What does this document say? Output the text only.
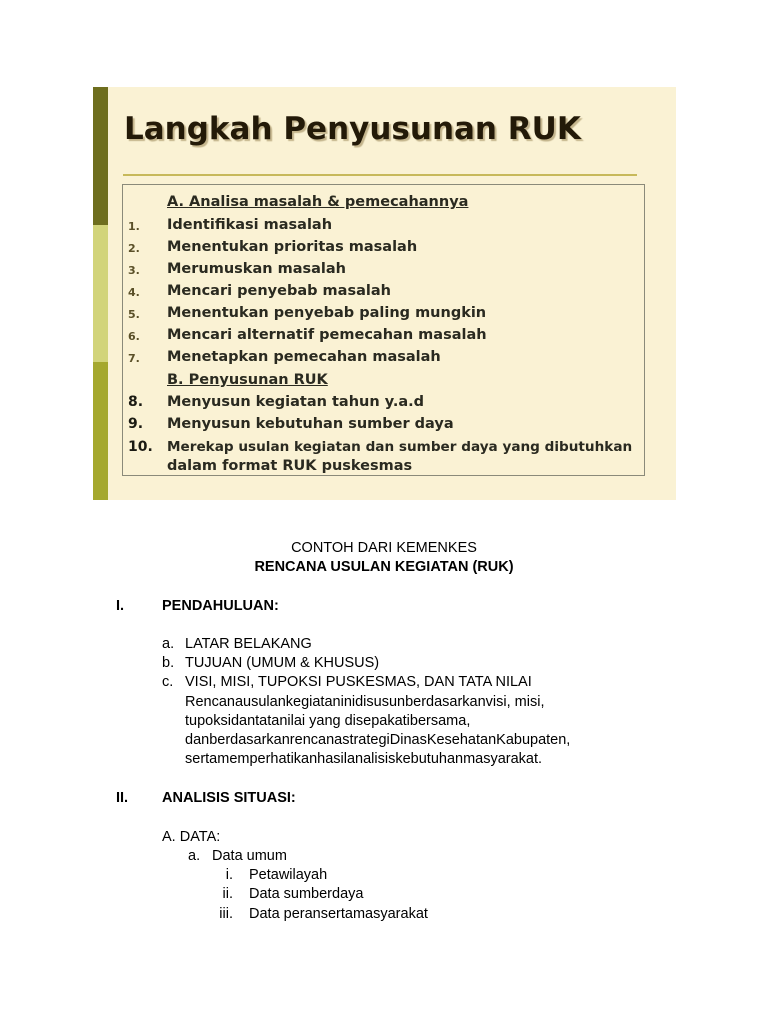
Langkah Penyusunan RUK
A. Analisa masalah & pemecahannya
1. Identifikasi masalah
2. Menentukan prioritas masalah
3. Merumuskan masalah
4. Mencari penyebab masalah
5. Menentukan penyebab paling mungkin
6. Mencari alternatif pemecahan masalah
7. Menetapkan pemecahan masalah
B. Penyusunan RUK
8. Menyusun kegiatan tahun y.a.d
9. Menyusun kebutuhan sumber daya
10. Merekap usulan kegiatan dan sumber daya yang dibutuhkan
dalam format RUK puskesmas
CONTOH DARI KEMENKES
RENCANA USULAN KEGIATAN (RUK)
I.	PENDAHULUAN:
a. LATAR BELAKANG
b. TUJUAN (UMUM & KHUSUS)
c. VISI, MISI, TUPOKSI PUSKESMAS, DAN TATA NILAI
Rencanausulankegiataninidisusunberdasarkanvisi, misi,
tupoksidantatanilai yang disepakatibersama,
danberdasarkanrencanastrategiDinasKesehatanKabupaten,
sertamemperhatikanhasilanalisiskebutuhanmasyarakat.
II. ANALISIS SITUASI:
A. DATA:
a. Data umum
i. Petawilayah
ii. Data sumberdaya
iii. Data peransertamasyarakat
